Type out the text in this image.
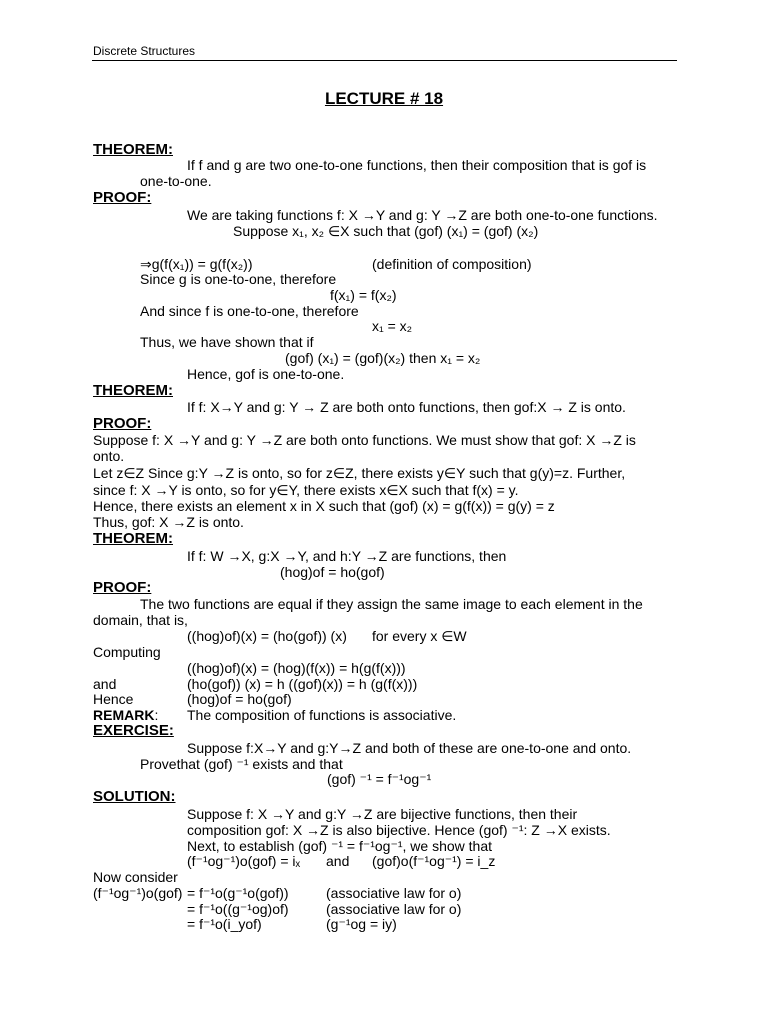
Discrete Structures
LECTURE # 18
THEOREM:
If f and g are two one-to-one functions, then their composition that is gof is
one-to-one.
PROOF:
We are taking functions f: X →Y and g: Y →Z are both one-to-one functions.
Suppose x₁, x₂ ∈X such that (gof) (x₁) = (gof) (x₂)
⇒g(f(x₁)) = g(f(x₂))	(definition of composition)
Since g is one-to-one, therefore
f(x₁) = f(x₂)
And since f is one-to-one, therefore
x₁ = x₂
Thus, we have shown that if
(gof) (x₁) = (gof)(x₂) then x₁ = x₂
Hence, gof is one-to-one.
THEOREM:
If f: X→Y and g: Y → Z are both onto functions, then gof:X → Z is onto.
PROOF:
Suppose f: X →Y and g: Y →Z are both onto functions. We must show that gof: X →Z is
onto.
Let z∈Z Since g:Y →Z is onto, so for z∈Z, there exists y∈Y such that g(y)=z. Further,
since f: X →Y is onto, so for y∈Y, there exists x∈X such that f(x) = y.
Hence, there exists an element x in X such that (gof) (x) = g(f(x)) = g(y) = z
Thus, gof: X →Z is onto.
THEOREM:
If f: W →X, g:X →Y, and h:Y →Z are functions, then
(hog)of = ho(gof)
PROOF:
The two functions are equal if they assign the same image to each element in the
domain, that is,
((hog)of)(x) = (ho(gof)) (x) for every x ∈W
Computing
((hog)of)(x) = (hog)(f(x)) = h(g(f(x)))
and	(ho(gof)) (x) = h ((gof)(x)) = h (g(f(x)))
Hence	(hog)of = ho(gof)
REMARK: The composition of functions is associative.
EXERCISE:
Suppose f:X→Y and g:Y→Z and both of these are one-to-one and onto.
Provethat (gof) ⁻¹ exists and that
(gof) ⁻¹ = f⁻¹og⁻¹
SOLUTION:
Suppose f: X →Y and g:Y →Z are bijective functions, then their
composition gof: X →Z is also bijective. Hence (gof) ⁻¹: Z →X exists.
Next, to establish (gof) ⁻¹ = f⁻¹og⁻¹, we show that
(f⁻¹og⁻¹)o(gof) = iₓ and (gof)o(f⁻¹og⁻¹) = i_z
Now consider
(f⁻¹og⁻¹)o(gof) = f⁻¹o(g⁻¹o(gof))	(associative law for o)
= f⁻¹o((g⁻¹og)of)	(associative law for o)
= f⁻¹o(i_yof)	(g⁻¹og = iy)
